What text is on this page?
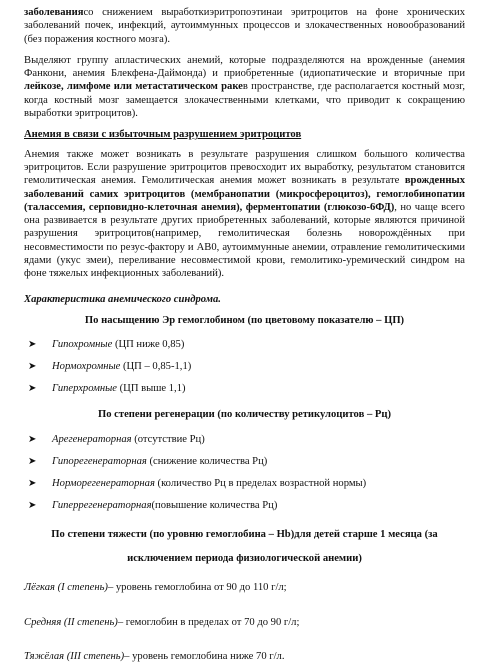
заболеваниясо снижением выработкиэритропоэтинаи эритроцитов на фоне хронических заболеваний почек, инфекций, аутоиммунных процессов и злокачественных новообразований (без поражения костного мозга).

Выделяют группу апластических анемий, которые подразделяются на врожденные (анемия Фанкони, анемия Блекфена-Даймонда) и приобретенные (идиопатические и вторичные при лейкозе, лимфоме или метастатическом ракев пространстве, где располагается костный мозг, когда костный мозг замещается злокачественными клетками, что приводит к сокращению выработки эритроцитов).

Анемия в связи с избыточным разрушением эритроцитов

Анемия также может возникать в результате разрушения слишком большого количества эритроцитов. Если разрушение эритроцитов превосходит их выработку, результатом становится гемолитическая анемия. Гемолитическая анемия может возникать в результате врожденных заболеваний самих эритроцитов (мембранопатии (микросфероцитоз), гемоглобинопатии (талассемия, серповидно-клеточная анемия), ферментопатии (глюкозо-6ФД), но чаще всего она развивается в результате других приобретенных заболеваний, которые являются причиной разрушения эритроцитов(например, гемолитическая болезнь новорождённых при несовместимости по резус-фактору и АВ0, аутоиммунные анемии, отравление гемолитическими ядами (укус змеи), переливание несовместимой крови, гемолитико-уремический синдром на фоне тяжелых инфекционных заболеваний).

Характеристика анемического синдрома.

По насыщению Эр гемоглобином (по цветовому показателю – ЦП)

➤ Гипохромные (ЦП ниже 0,85)
➤ Нормохромные (ЦП – 0,85-1,1)
➤ Гиперхромные (ЦП выше 1,1)

По степени регенерации (по количеству ретикулоцитов – Рц)

➤ Арегенераторная (отсутствие Рц)
➤ Гипорегенераторная (снижение количества Рц)
➤ Норморегенераторная (количество Рц в пределах возрастной нормы)
➤ Гиперрегенераторная(повышение количества Рц)

По степени тяжести (по уровню гемоглобина – Hb)для детей старше 1 месяца (за
исключением периода физиологической анемии)

Лёгкая (I степень)– уровень гемоглобина от 90 до 110 г/л;

Средняя (II степень)– гемоглобин в пределах от 70 до 90 г/л;

Тяжёлая (III степень)– уровень гемоглобина ниже 70 г/л.
